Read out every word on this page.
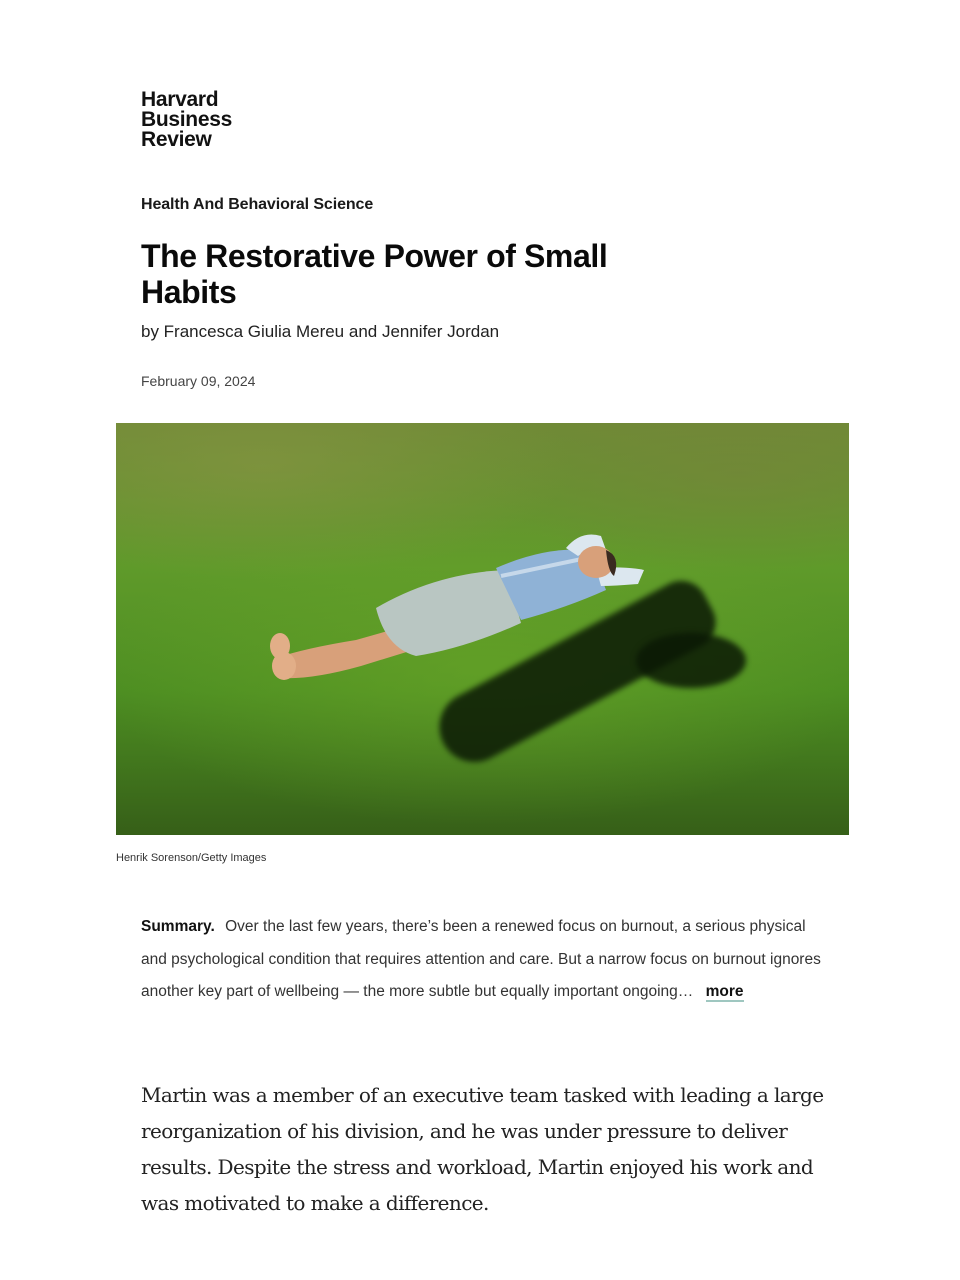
Harvard
Business
Review
Health And Behavioral Science
The Restorative Power of Small Habits
by Francesca Giulia Mereu and Jennifer Jordan
February 09, 2024
Henrik Sorenson/Getty Images
Summary. Over the last few years, there’s been a renewed focus on burnout, a serious physical and psychological condition that requires attention and care. But a narrow focus on burnout ignores another key part of wellbeing — the more subtle but equally important ongoing… more

Martin was a member of an executive team tasked with leading a large reorganization of his division, and he was under pressure to deliver results. Despite the stress and workload, Martin enjoyed his work and was motivated to make a difference.
